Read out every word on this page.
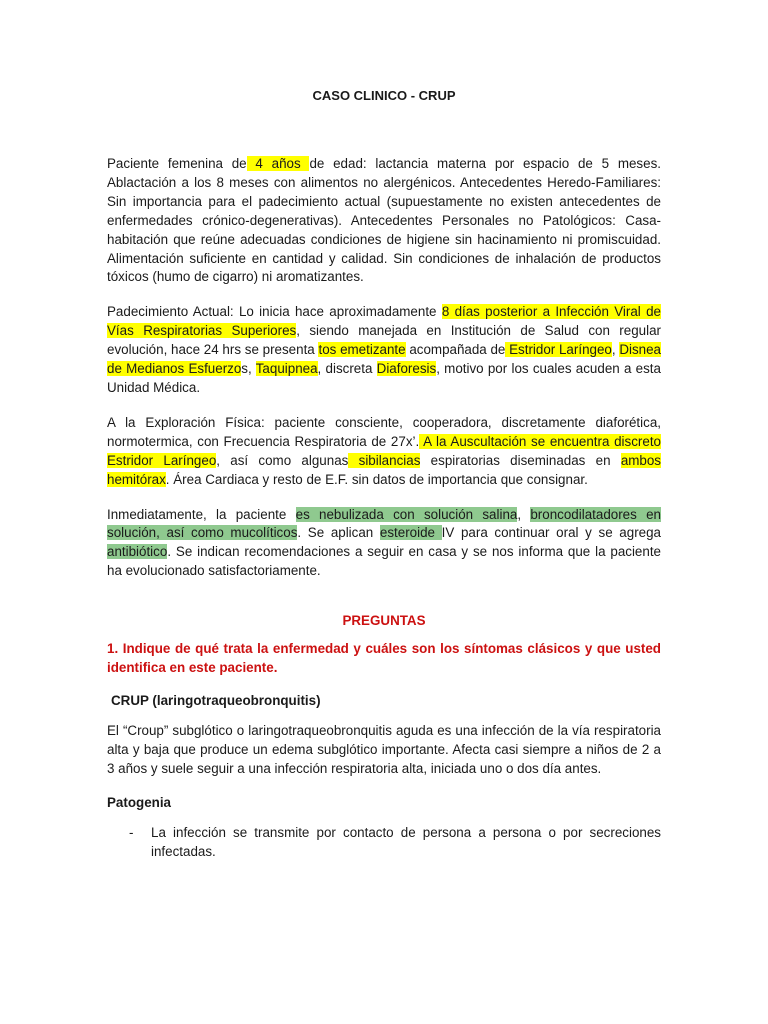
CASO CLINICO - CRUP

Paciente femenina de 4 años de edad: lactancia materna por espacio de 5 meses. Ablactación a los 8 meses con alimentos no alergénicos. Antecedentes Heredo-Familiares: Sin importancia para el padecimiento actual (supuestamente no existen antecedentes de enfermedades crónico-degenerativas). Antecedentes Personales no Patológicos: Casa-habitación que reúne adecuadas condiciones de higiene sin hacinamiento ni promiscuidad. Alimentación suficiente en cantidad y calidad. Sin condiciones de inhalación de productos tóxicos (humo de cigarro) ni aromatizantes.

Padecimiento Actual: Lo inicia hace aproximadamente 8 días posterior a Infección Viral de Vías Respiratorias Superiores, siendo manejada en Institución de Salud con regular evolución, hace 24 hrs se presenta tos emetizante acompañada de Estridor Laríngeo, Disnea de Medianos Esfuerzos, Taquipnea, discreta Diaforesis, motivo por los cuales acuden a esta Unidad Médica.

A la Exploración Física: paciente consciente, cooperadora, discretamente diaforética, normotermica, con Frecuencia Respiratoria de 27x’. A la Auscultación se encuentra discreto Estridor Laríngeo, así como algunas sibilancias espiratorias diseminadas en ambos hemitórax. Área Cardiaca y resto de E.F. sin datos de importancia que consignar.

Inmediatamente, la paciente es nebulizada con solución salina, broncodilatadores en solución, así como mucolíticos. Se aplican esteroide IV para continuar oral y se agrega antibiótico. Se indican recomendaciones a seguir en casa y se nos informa que la paciente ha evolucionado satisfactoriamente.

PREGUNTAS

1. Indique de qué trata la enfermedad y cuáles son los síntomas clásicos y que usted identifica en este paciente.

CRUP (laringotraqueobronquitis)

El “Croup” subglótico o laringotraqueobronquitis aguda es una infección de la vía respiratoria alta y baja que produce un edema subglótico importante. Afecta casi siempre a niños de 2 a 3 años y suele seguir a una infección respiratoria alta, iniciada uno o dos día antes.

Patogenia
- La infección se transmite por contacto de persona a persona o por secreciones infectadas.
